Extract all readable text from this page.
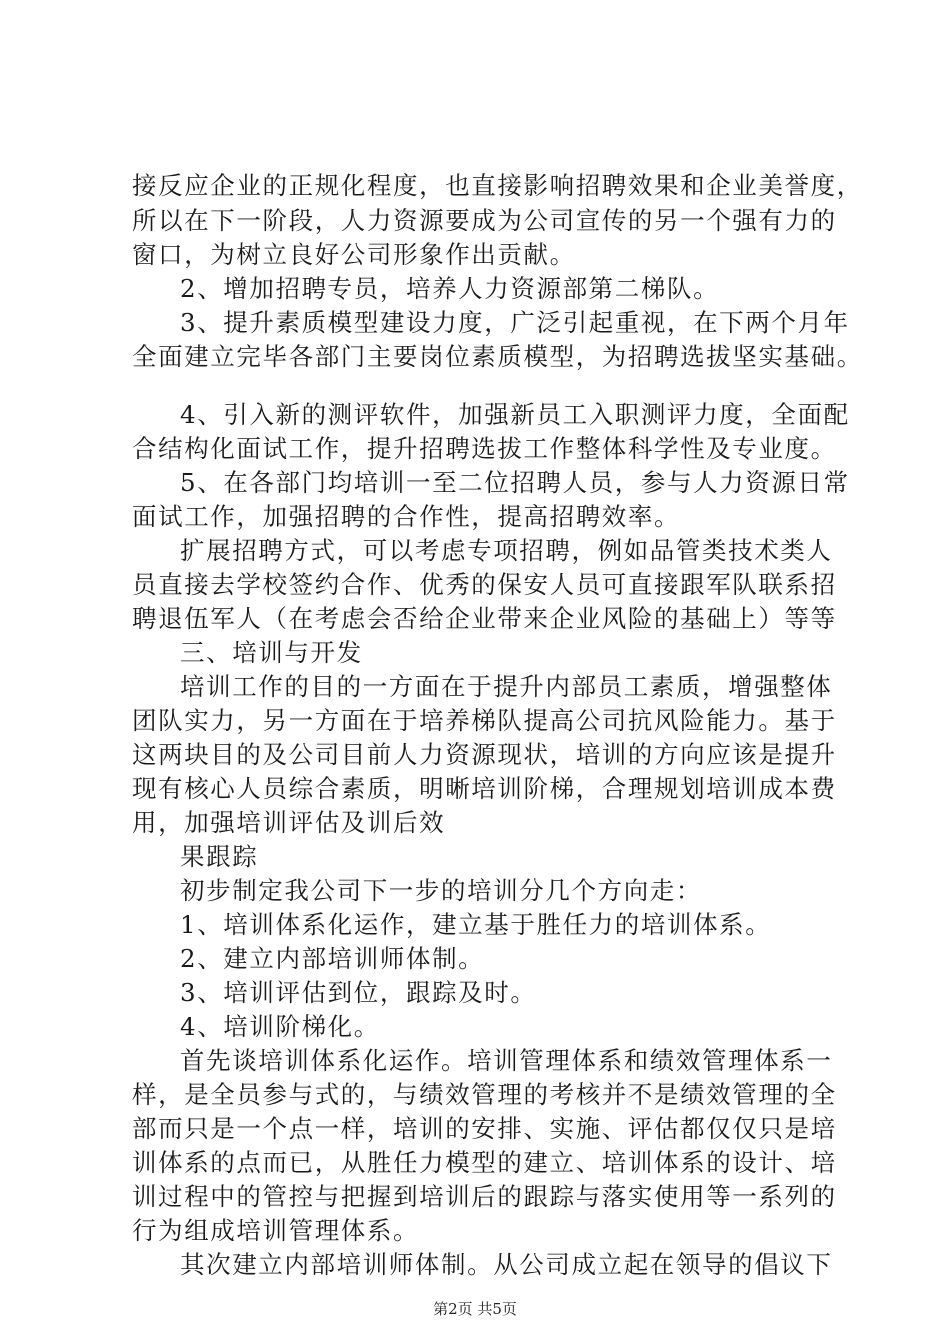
接反应企业的正规化程度，也直接影响招聘效果和企业美誉度，
所以在下一阶段，人力资源要成为公司宣传的另一个强有力的
窗口，为树立良好公司形象作出贡献。
2、增加招聘专员，培养人力资源部第二梯队。
3、提升素质模型建设力度，广泛引起重视，在下两个月年
全面建立完毕各部门主要岗位素质模型，为招聘选拔坚实基础。
4、引入新的测评软件，加强新员工入职测评力度，全面配
合结构化面试工作，提升招聘选拔工作整体科学性及专业度。
5、在各部门均培训一至二位招聘人员，参与人力资源日常
面试工作，加强招聘的合作性，提高招聘效率。
扩展招聘方式，可以考虑专项招聘，例如品管类技术类人
员直接去学校签约合作、优秀的保安人员可直接跟军队联系招
聘退伍军人（在考虑会否给企业带来企业风险的基础上）等等
三、培训与开发
培训工作的目的一方面在于提升内部员工素质，增强整体
团队实力，另一方面在于培养梯队提高公司抗风险能力。基于
这两块目的及公司目前人力资源现状，培训的方向应该是提升
现有核心人员综合素质，明晰培训阶梯，合理规划培训成本费
用，加强培训评估及训后效
果跟踪
初步制定我公司下一步的培训分几个方向走：
1、培训体系化运作，建立基于胜任力的培训体系。
2、建立内部培训师体制。
3、培训评估到位，跟踪及时。
4、培训阶梯化。
首先谈培训体系化运作。培训管理体系和绩效管理体系一
样，是全员参与式的，与绩效管理的考核并不是绩效管理的全
部而只是一个点一样，培训的安排、实施、评估都仅仅只是培
训体系的点而已，从胜任力模型的建立、培训体系的设计、培
训过程中的管控与把握到培训后的跟踪与落实使用等一系列的
行为组成培训管理体系。
其次建立内部培训师体制。从公司成立起在领导的倡议下
第2页 共5页
